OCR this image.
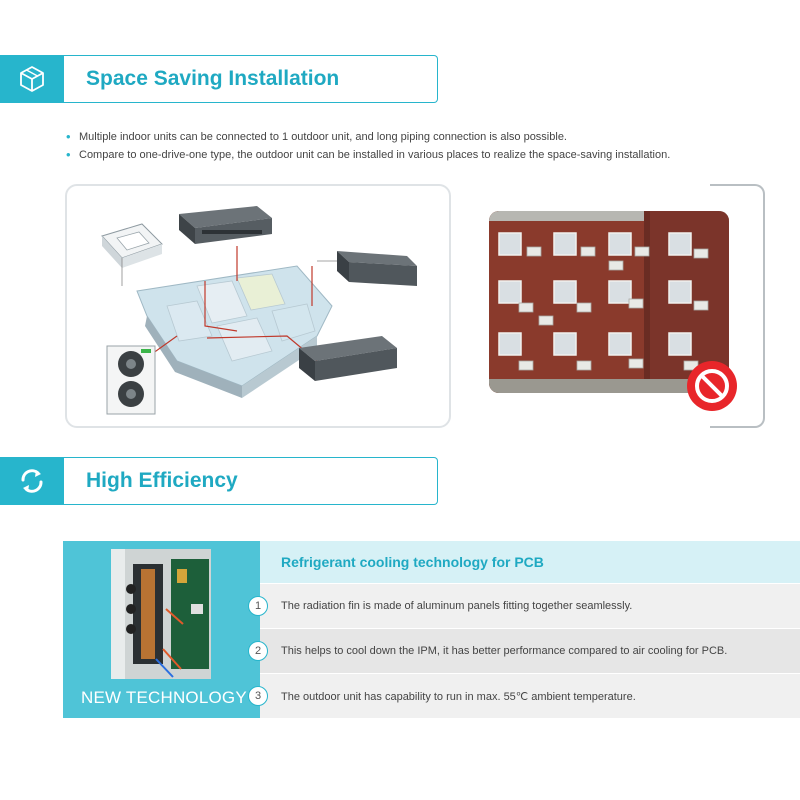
Space Saving Installation
• Multiple indoor units can be connected to 1 outdoor unit, and long piping connection is also possible.
• Compare to one-drive-one type, the outdoor unit can be installed in various places to realize the space-saving installation.
High Efficiency
NEW TECHNOLOGY
Refrigerant cooling technology for PCB
1	The radiation fin is made of aluminum panels fitting together seamlessly.
2	This helps to cool down the IPM, it has better performance compared to air cooling for PCB.
3	The outdoor unit has capability to run in max. 55℃ ambient temperature.
